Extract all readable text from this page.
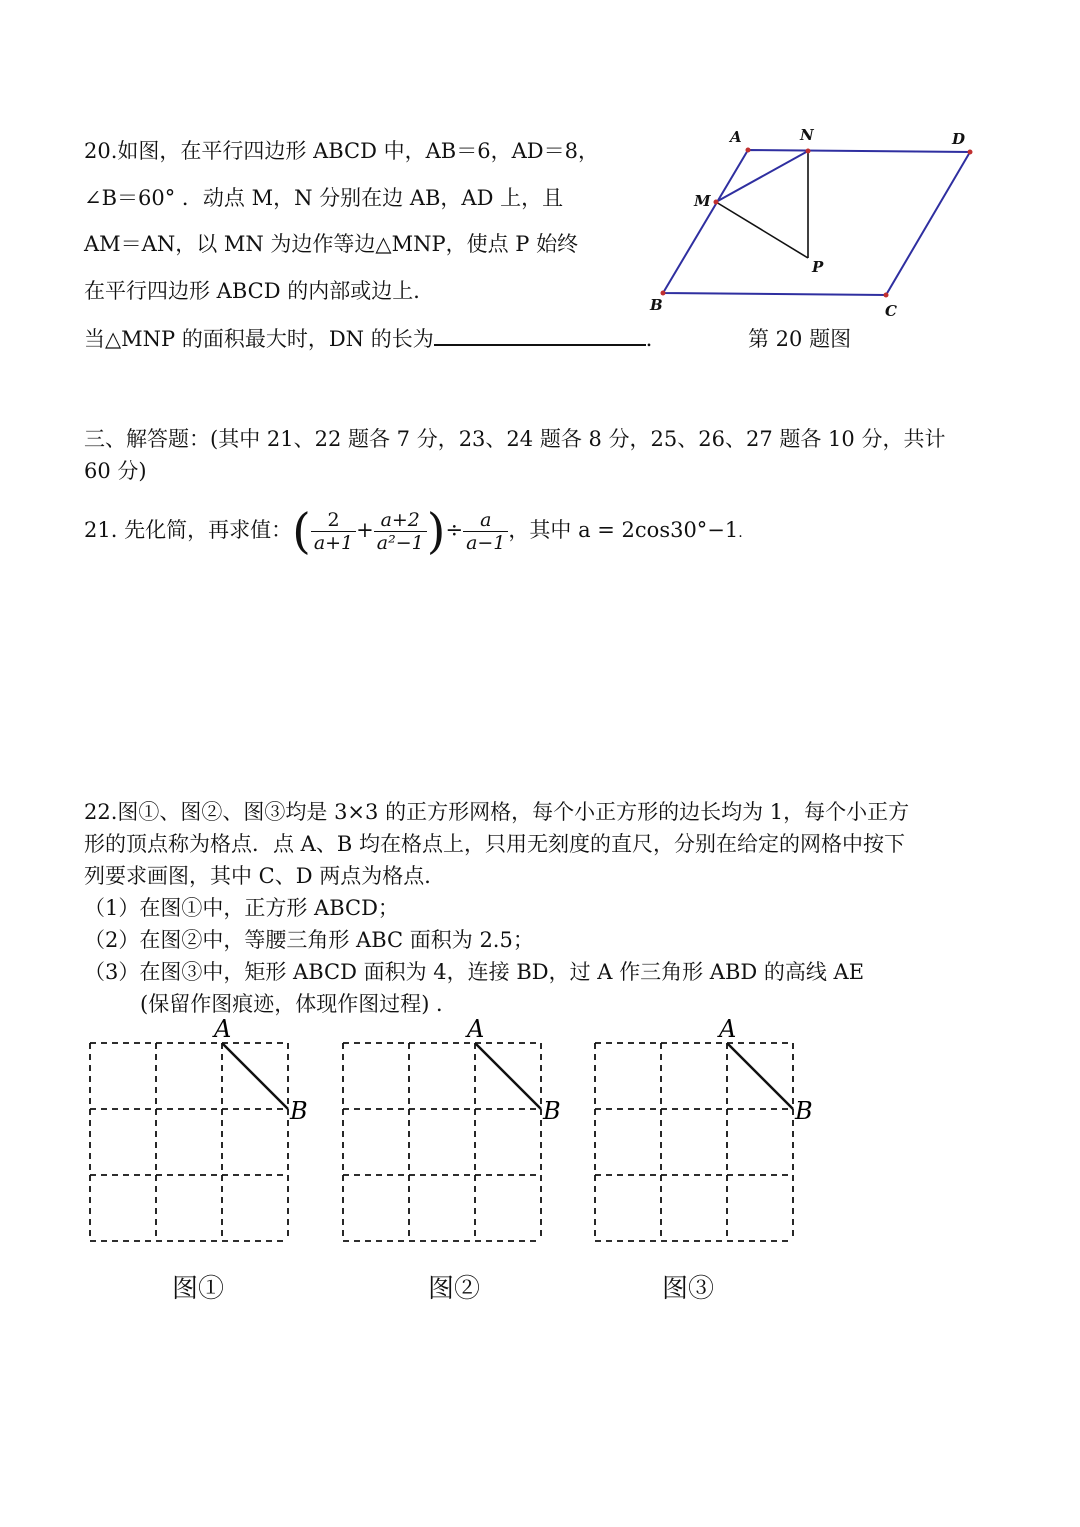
20.如图，在平行四边形 ABCD 中，AB＝6，AD＝8，
∠B＝60° ．动点 M，N 分别在边 AB，AD 上，且
AM＝AN，以 MN 为边作等边△MNP，使点 P 始终
在平行四边形 ABCD 的内部或边上．
当△MNP 的面积最大时，DN 的长为	．	第 20 题图
A	N	D
M
P
B	C
三、解答题：(其中 21、22 题各 7 分，23、24 题各 8 分，25、26、27 题各 10 分，共计
60 分)
21. 先化简，再求值：( $\frac{2}{a+1} + \frac{a+2}{\text{a²−1}}$ )÷ $\frac{a}{a-1}$ ，其中 a = 2cos30°−1.
22.图①、图②、图③均是 3×3 的正方形网格，每个小正方形的边长均为 1，每个小正方
形的顶点称为格点．点 A、B 均在格点上，只用无刻度的直尺，分别在给定的网格中按下
列要求画图，其中 C、D 两点为格点．
（1）在图①中，正方形 ABCD；
（2）在图②中，等腰三角形 ABC 面积为 2.5；
（3）在图③中，矩形 ABCD 面积为 4，连接 BD，过 A 作三角形 ABD 的高线 AE
(保留作图痕迹，体现作图过程) ．
A
B
A
B
A
B
图①	图②	图③
